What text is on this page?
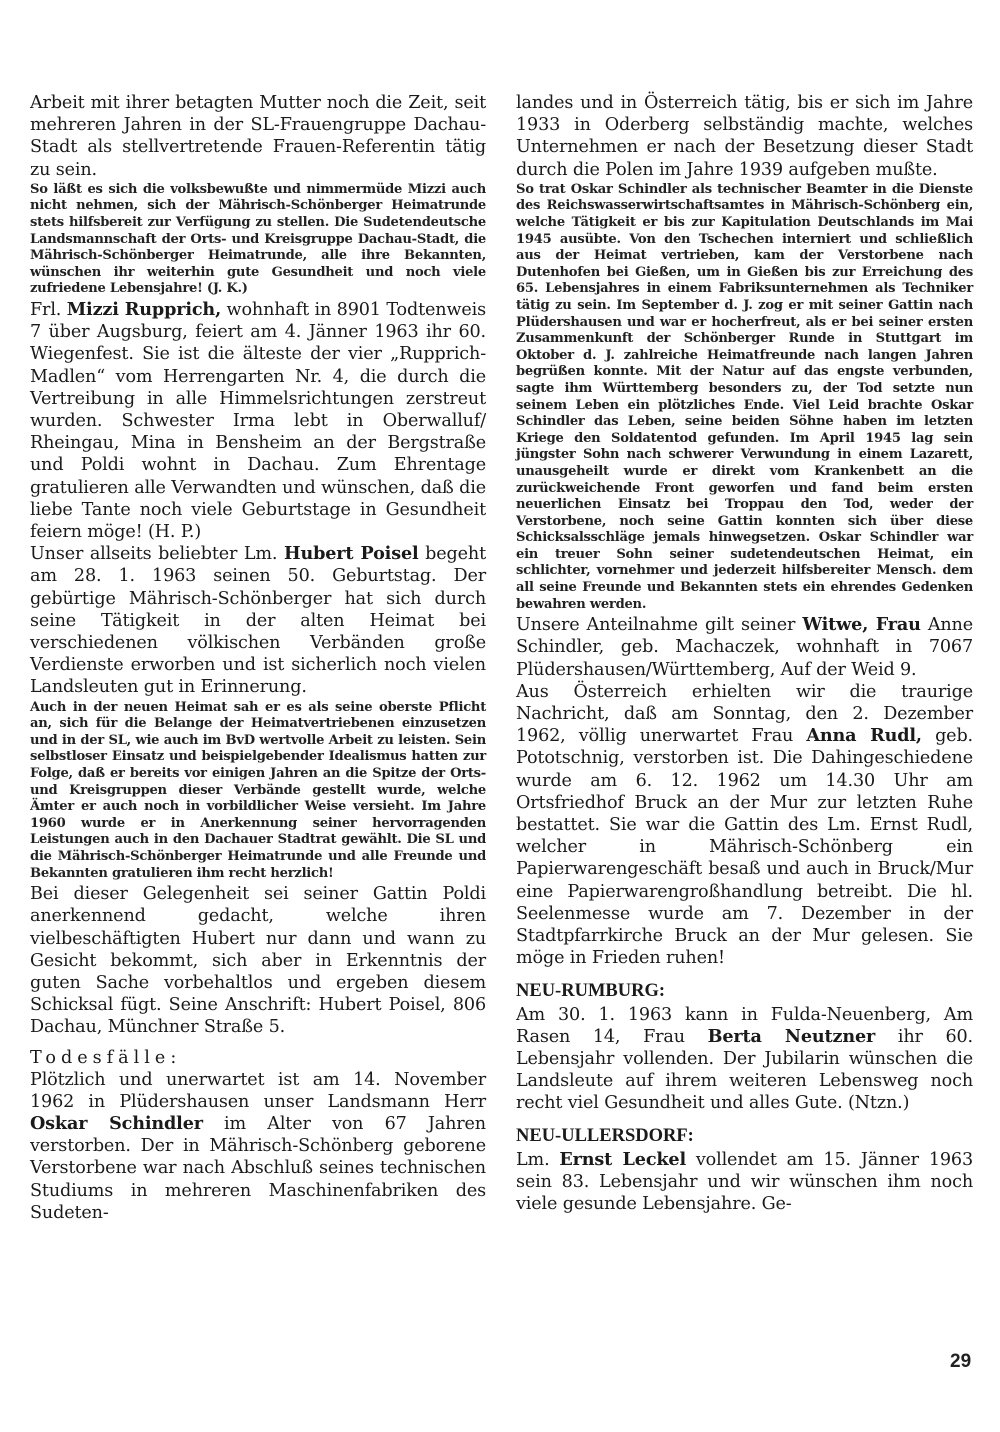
Arbeit mit ihrer betagten Mutter noch die Zeit, seit mehreren Jahren in der SL-Frauengruppe Dachau-Stadt als stellvertretende Frauen-Referentin tätig zu sein.

So läßt es sich die volksbewußte und nimmermüde Mizzi auch nicht nehmen, sich der Mährisch-Schönberger Heimatrunde stets hilfsbereit zur Verfügung zu stellen. Die Sudetendeutsche Landsmannschaft der Orts- und Kreisgruppe Dachau-Stadt, die Mährisch-Schönberger Heimatrunde, alle ihre Bekannten, wünschen ihr weiterhin gute Gesundheit und noch viele zufriedene Lebensjahre! (J. K.)

Frl. Mizzi Rupprich, wohnhaft in 8901 Todtenweis 7 über Augsburg, feiert am 4. Jänner 1963 ihr 60. Wiegenfest. Sie ist die älteste der vier „Rupprich-Madlen“ vom Herrengarten Nr. 4, die durch die Vertreibung in alle Himmelsrichtungen zerstreut wurden. Schwester Irma lebt in Oberwalluf/ Rheingau, Mina in Bensheim an der Bergstraße und Poldi wohnt in Dachau. Zum Ehrentage gratulieren alle Verwandten und wünschen, daß die liebe Tante noch viele Geburtstage in Gesundheit feiern möge! (H. P.)

Unser allseits beliebter Lm. Hubert Poisel begeht am 28. 1. 1963 seinen 50. Geburtstag. Der gebürtige Mährisch-Schönberger hat sich durch seine Tätigkeit in der alten Heimat bei verschiedenen völkischen Verbänden große Verdienste erworben und ist sicherlich noch vielen Landsleuten gut in Erinnerung.

Auch in der neuen Heimat sah er es als seine oberste Pflicht an, sich für die Belange der Heimatvertriebenen einzusetzen und in der SL, wie auch im BvD wertvolle Arbeit zu leisten. Sein selbstloser Einsatz und beispielgebender Idealismus hatten zur Folge, daß er bereits vor einigen Jahren an die Spitze der Orts- und Kreisgruppen dieser Verbände gestellt wurde, welche Ämter er auch noch in vorbildlicher Weise versieht. Im Jahre 1960 wurde er in Anerkennung seiner hervorragenden Leistungen auch in den Dachauer Stadtrat gewählt. Die SL und die Mährisch-Schönberger Heimatrunde und alle Freunde und Bekannten gratulieren ihm recht herzlich!

Bei dieser Gelegenheit sei seiner Gattin Poldi anerkennend gedacht, welche ihren vielbeschäftigten Hubert nur dann und wann zu Gesicht bekommt, sich aber in Erkenntnis der guten Sache vorbehaltlos und ergeben diesem Schicksal fügt. Seine Anschrift: Hubert Poisel, 806 Dachau, Münchner Straße 5.

Todesfälle:

Plötzlich und unerwartet ist am 14. November 1962 in Plüdershausen unser Landsmann Herr Oskar Schindler im Alter von 67 Jahren verstorben. Der in Mährisch-Schönberg geborene Verstorbene war nach Abschluß seines technischen Studiums in mehreren Maschinenfabriken des Sudeten-

landes und in Österreich tätig, bis er sich im Jahre 1933 in Oderberg selbständig machte, welches Unternehmen er nach der Besetzung dieser Stadt durch die Polen im Jahre 1939 aufgeben mußte.

So trat Oskar Schindler als technischer Beamter in die Dienste des Reichswasserwirtschaftsamtes in Mährisch-Schönberg ein, welche Tätigkeit er bis zur Kapitulation Deutschlands im Mai 1945 ausübte. Von den Tschechen interniert und schließlich aus der Heimat vertrieben, kam der Verstorbene nach Dutenhofen bei Gießen, um in Gießen bis zur Erreichung des 65. Lebensjahres in einem Fabriksunternehmen als Techniker tätig zu sein. Im September d. J. zog er mit seiner Gattin nach Plüdershausen und war er hocherfreut, als er bei seiner ersten Zusammenkunft der Schönberger Runde in Stuttgart im Oktober d. J. zahlreiche Heimatfreunde nach langen Jahren begrüßen konnte. Mit der Natur auf das engste verbunden, sagte ihm Württemberg besonders zu, der Tod setzte nun seinem Leben ein plötzliches Ende. Viel Leid brachte Oskar Schindler das Leben, seine beiden Söhne haben im letzten Kriege den Soldatentod gefunden. Im April 1945 lag sein jüngster Sohn nach schwerer Verwundung in einem Lazarett, unausgeheilt wurde er direkt vom Krankenbett an die zurückweichende Front geworfen und fand beim ersten neuerlichen Einsatz bei Troppau den Tod, weder der Verstorbene, noch seine Gattin konnten sich über diese Schicksalsschläge jemals hinwegsetzen. Oskar Schindler war ein treuer Sohn seiner sudetendeutschen Heimat, ein schlichter, vornehmer und jederzeit hilfsbereiter Mensch. dem all seine Freunde und Bekannten stets ein ehrendes Gedenken bewahren werden.

Unsere Anteilnahme gilt seiner Witwe, Frau Anne Schindler, geb. Machaczek, wohnhaft in 7067 Plüdershausen/Württemberg, Auf der Weid 9.

Aus Österreich erhielten wir die traurige Nachricht, daß am Sonntag, den 2. Dezember 1962, völlig unerwartet Frau Anna Rudl, geb. Pototschnig, verstorben ist. Die Dahingeschiedene wurde am 6. 12. 1962 um 14.30 Uhr am Ortsfriedhof Bruck an der Mur zur letzten Ruhe bestattet. Sie war die Gattin des Lm. Ernst Rudl, welcher in Mährisch-Schönberg ein Papierwarengeschäft besaß und auch in Bruck/Mur eine Papierwarengroßhandlung betreibt. Die hl. Seelenmesse wurde am 7. Dezember in der Stadtpfarrkirche Bruck an der Mur gelesen. Sie möge in Frieden ruhen!

NEU-RUMBURG:

Am 30. 1. 1963 kann in Fulda-Neuenberg, Am Rasen 14, Frau Berta Neutzner ihr 60. Lebensjahr vollenden. Der Jubilarin wünschen die Landsleute auf ihrem weiteren Lebensweg noch recht viel Gesundheit und alles Gute. (Ntzn.)

NEU-ULLERSDORF:

Lm. Ernst Leckel vollendet am 15. Jänner 1963 sein 83. Lebensjahr und wir wünschen ihm noch viele gesunde Lebensjahre. Ge-

29
